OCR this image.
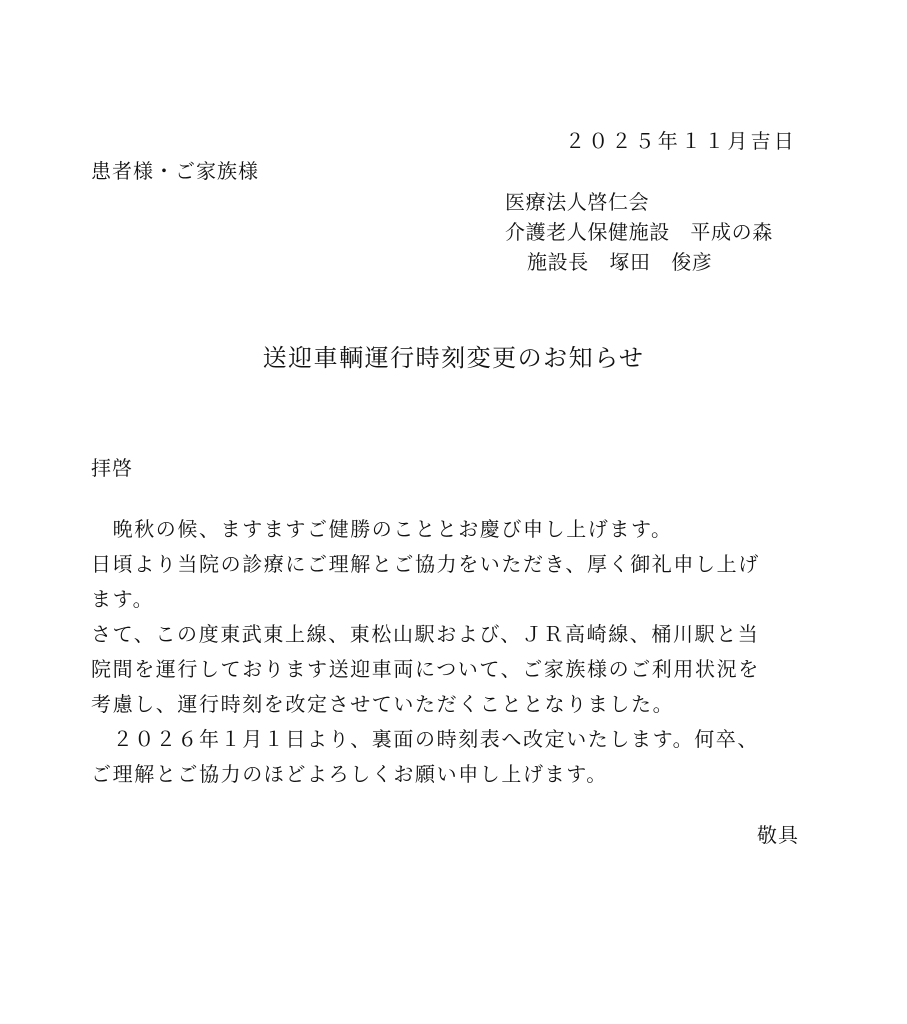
２０２５年１１月吉日

患者様・ご家族様

医療法人啓仁会
介護老人保健施設　平成の森
施設長　塚田　俊彦
送迎車輌運行時刻変更のお知らせ

拝啓

　晩秋の候、ますますご健勝のこととお慶び申し上げます。
日頃より当院の診療にご理解とご協力をいただき、厚く御礼申し上げ
ます。
さて、この度東武東上線、東松山駅および、ＪＲ高崎線、桶川駅と当
院間を運行しております送迎車両について、ご家族様のご利用状況を
考慮し、運行時刻を改定させていただくこととなりました。
　２０２６年１月１日より、裏面の時刻表へ改定いたします。何卒、
ご理解とご協力のほどよろしくお願い申し上げます。

敬具
